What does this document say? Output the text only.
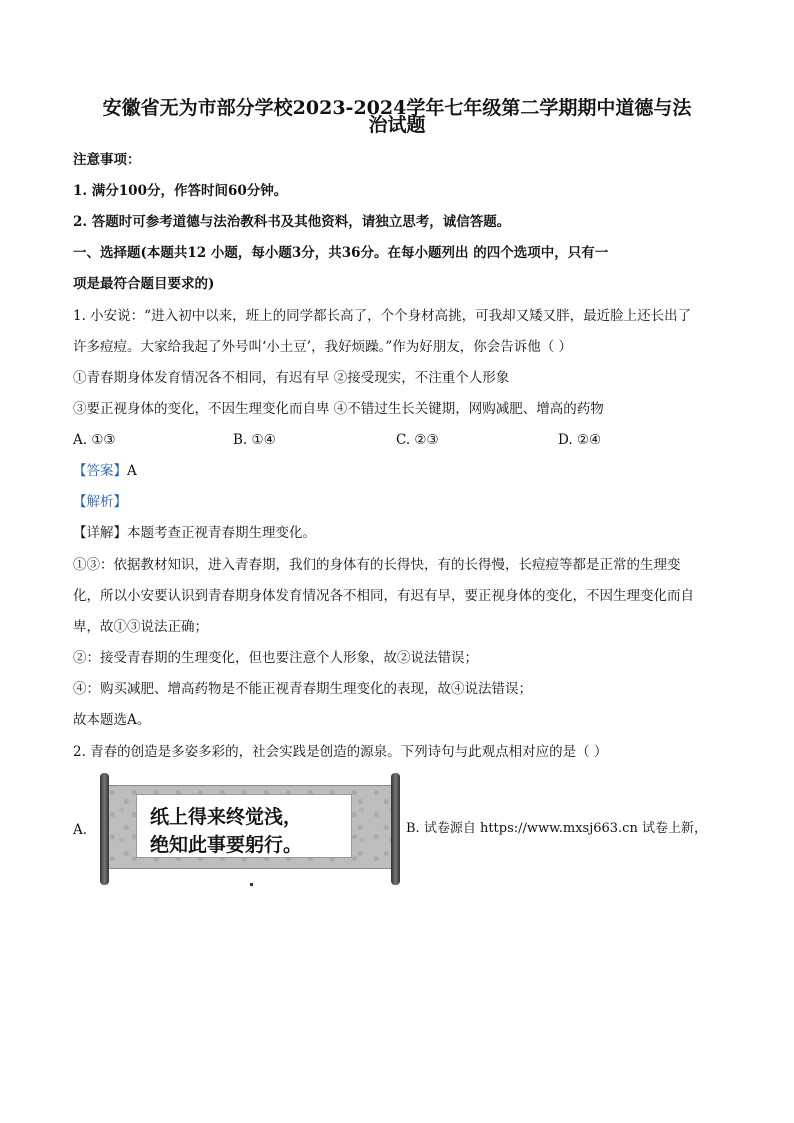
安徽省无为市部分学校2023-2024学年七年级第二学期期中道德与法
治试题
注意事项：
1. 满分100分，作答时间60分钟。
2. 答题时可参考道德与法治教科书及其他资料，请独立思考，诚信答题。
一、选择题(本题共12 小题，每小题3分，共36分。在每小题列出 的四个选项中，只有一
项是最符合题目要求的)
1. 小安说：“进入初中以来，班上的同学都长高了，个个身材高挑，可我却又矮又胖，最近脸上还长出了
许多痘痘。大家给我起了外号叫‘小土豆’，我好烦躁。”作为好朋友，你会告诉他（ ）
①青春期身体发育情况各不相同，有迟有早 ②接受现实，不注重个人形象
③要正视身体的变化，不因生理变化而自卑 ④不错过生长关键期，网购减肥、增高的药物
A. ①③	B. ①④	C. ②③	D. ②④
【答案】A
【解析】
【详解】本题考查正视青春期生理变化。
①③：依据教材知识，进入青春期，我们的身体有的长得快，有的长得慢，长痘痘等都是正常的生理变
化，所以小安要认识到青春期身体发育情况各不相同，有迟有早，要正视身体的变化，不因生理变化而自
卑，故①③说法正确；
②：接受青春期的生理变化，但也要注意个人形象，故②说法错误；
④：购买减肥、增高药物是不能正视青春期生理变化的表现，故④说法错误；
故本题选A。
2. 青春的创造是多姿多彩的，社会实践是创造的源泉。下列诗句与此观点相对应的是（ ）
A.
纸上得来终觉浅，
绝知此事要躬行。
B. 试卷源自 https://www.mxsj663.cn 试卷上新，
